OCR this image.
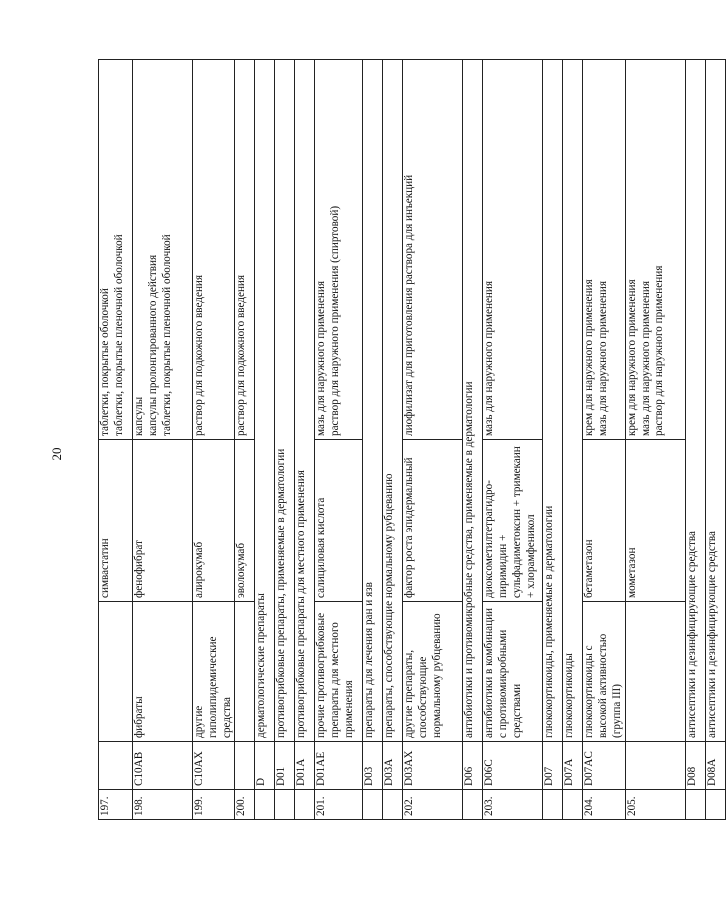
20
197.			симвастатин	таблетки, покрытые оболочкой таблетки, покрытые пленочной оболочкой

198.	C10AB	фибраты	фенофибрат	капсулы капсулы пролонгированного действия таблетки, покрытые пленочной оболочкой

199.	C10AX	другие гиполипидемические средства	алирокумаб	раствор для подкожного введения

200.			эволокумаб	раствор для подкожного введения

	D	дерматологические препараты		
	D01	противогрибковые препараты, применяемые в дерматологии		
	D01A	противогрибковые препараты для местного применения		
201.	D01AE	прочие противогрибковые препараты для местного применения	салициловая кислота	мазь для наружного применения раствор для наружного применения (спиртовой)

	D03	препараты для лечения ран и язв		
	D03A	препараты, способствующие нормальному рубцеванию		
202.	D03AX	другие препараты, способствующие нормальному рубцеванию	фактор роста эпидермальный	лиофилизат для приготовления раствора для инъекций

	D06	антибиотики и противомикробные средства, применяемые в дерматологии		
203.	D06C	антибиотики в комбинации с противомикробными средствами	диоксометилтетрагидро-пиримидин + сульфадиметоксин + тримекаин + хлорамфеникол	мазь для наружного применения

	D07	глюкокортикоиды, применяемые в дерматологии		
	D07A	глюкокортикоиды		
204.	D07AC	глюкокортикоиды с высокой активностью (группа III)	бетаметазон	крем для наружного применения мазь для наружного применения

205.			мометазон	крем для наружного применения мазь для наружного применения раствор для наружного применения

	D08	антисептики и дезинфицирующие средства		
	D08A	антисептики и дезинфицирующие средства		
